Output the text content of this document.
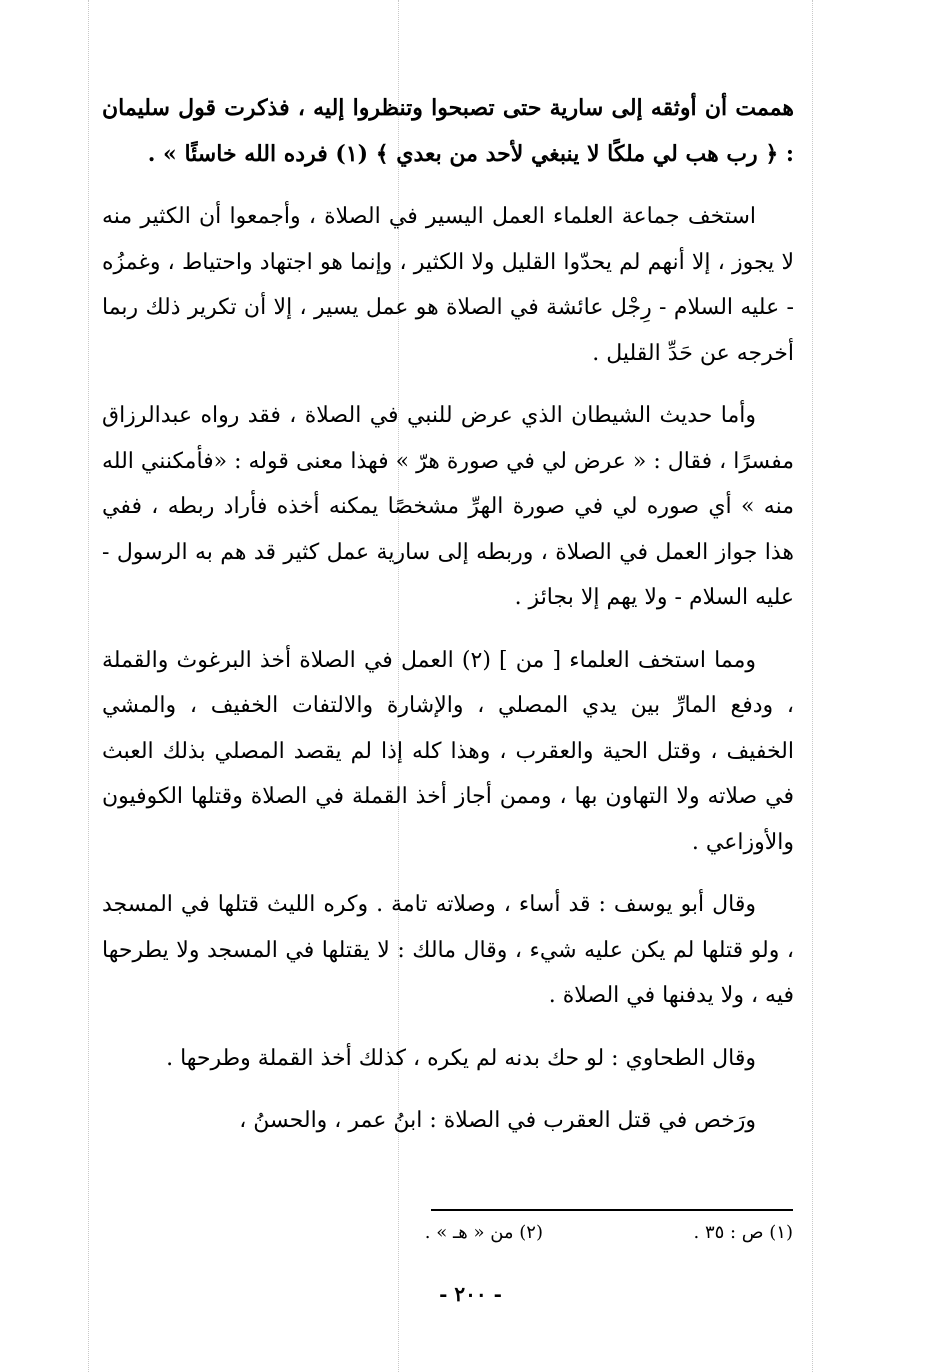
هممت أن أوثقه إلى سارية حتى تصبحوا وتنظروا إليه ، فذكرت قول سليمان : ﴿ رب هب لي ملكًا لا ينبغي لأحد من بعدي ﴾ (١) فرده الله خاسئًا » .

استخف جماعة العلماء العمل اليسير في الصلاة ، وأجمعوا أن الكثير منه لا يجوز ، إلا أنهم لم يحدّوا القليل ولا الكثير ، وإنما هو اجتهاد واحتياط ، وغمزُه - عليه السلام - رِجْل عائشة في الصلاة هو عمل يسير ، إلا أن تكرير ذلك ربما أخرجه عن حَدِّ القليل .

وأما حديث الشيطان الذي عرض للنبي في الصلاة ، فقد رواه عبدالرزاق مفسرًا ، فقال : « عرض لي في صورة هرّ » فهذا معنى قوله : «فأمكنني الله منه » أي صوره لي في صورة الهرِّ مشخصًا يمكنه أخذه فأراد ربطه ، ففي هذا جواز العمل في الصلاة ، وربطه إلى سارية عمل كثير قد هم به الرسول - عليه السلام - ولا يهم إلا بجائز .

ومما استخف العلماء [ من ] (٢) العمل في الصلاة أخذ البرغوث والقملة ، ودفع المارِّ بين يدي المصلي ، والإشارة والالتفات الخفيف ، والمشي الخفيف ، وقتل الحية والعقرب ، وهذا كله إذا لم يقصد المصلي بذلك العبث في صلاته ولا التهاون بها ، وممن أجاز أخذ القملة في الصلاة وقتلها الكوفيون والأوزاعي .

وقال أبو يوسف : قد أساء ، وصلاته تامة . وكره الليث قتلها في المسجد ، ولو قتلها لم يكن عليه شيء ، وقال مالك : لا يقتلها في المسجد ولا يطرحها فيه ، ولا يدفنها في الصلاة .

وقال الطحاوي : لو حك بدنه لم يكره ، كذلك أخذ القملة وطرحها .

ورَخص في قتل العقرب في الصلاة : ابنُ عمر ، والحسنُ ،

(١) ص : ٣٥ .
(٢) من « هـ » .
- ٢٠٠ -
